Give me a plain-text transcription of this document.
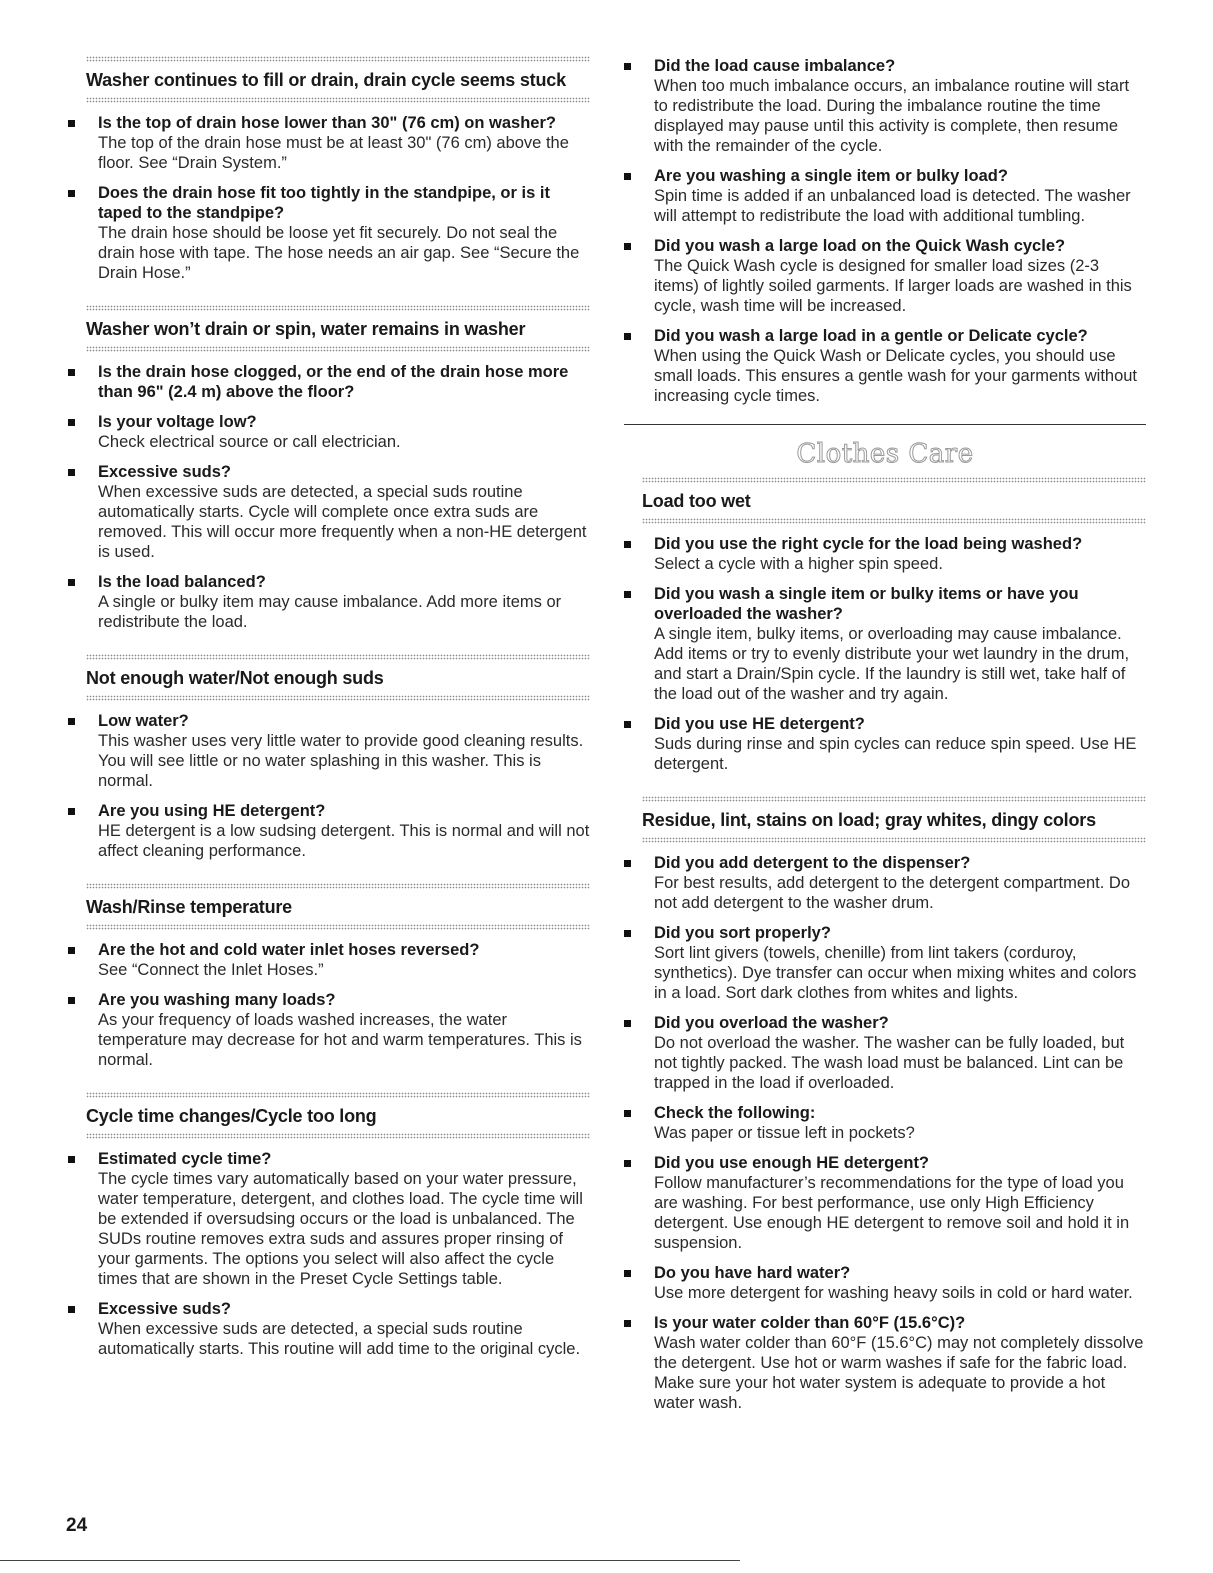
Washer continues to fill or drain, drain cycle seems stuck
Is the top of drain hose lower than 30" (76 cm) on washer?
The top of the drain hose must be at least 30" (76 cm) above the floor. See “Drain System.”
Does the drain hose fit too tightly in the standpipe, or is it taped to the standpipe?
The drain hose should be loose yet fit securely. Do not seal the drain hose with tape. The hose needs an air gap. See “Secure the Drain Hose.”
Washer won’t drain or spin, water remains in washer
Is the drain hose clogged, or the end of the drain hose more than 96" (2.4 m) above the floor?
Is your voltage low?
Check electrical source or call electrician.
Excessive suds?
When excessive suds are detected, a special suds routine automatically starts. Cycle will complete once extra suds are removed. This will occur more frequently when a non-HE detergent is used.
Is the load balanced?
A single or bulky item may cause imbalance. Add more items or redistribute the load.
Not enough water/Not enough suds
Low water?
This washer uses very little water to provide good cleaning results. You will see little or no water splashing in this washer. This is normal.
Are you using HE detergent?
HE detergent is a low sudsing detergent. This is normal and will not affect cleaning performance.
Wash/Rinse temperature
Are the hot and cold water inlet hoses reversed?
See “Connect the Inlet Hoses.”
Are you washing many loads?
As your frequency of loads washed increases, the water temperature may decrease for hot and warm temperatures. This is normal.
Cycle time changes/Cycle too long
Estimated cycle time?
The cycle times vary automatically based on your water pressure, water temperature, detergent, and clothes load. The cycle time will be extended if oversudsing occurs or the load is unbalanced. The SUDs routine removes extra suds and assures proper rinsing of your garments. The options you select will also affect the cycle times that are shown in the Preset Cycle Settings table.
Excessive suds?
When excessive suds are detected, a special suds routine automatically starts. This routine will add time to the original cycle.
Did the load cause imbalance?
When too much imbalance occurs, an imbalance routine will start to redistribute the load. During the imbalance routine the time displayed may pause until this activity is complete, then resume with the remainder of the cycle.
Are you washing a single item or bulky load?
Spin time is added if an unbalanced load is detected. The washer will attempt to redistribute the load with additional tumbling.
Did you wash a large load on the Quick Wash cycle?
The Quick Wash cycle is designed for smaller load sizes (2-3 items) of lightly soiled garments. If larger loads are washed in this cycle, wash time will be increased.
Did you wash a large load in a gentle or Delicate cycle?
When using the Quick Wash or Delicate cycles, you should use small loads. This ensures a gentle wash for your garments without increasing cycle times.
Clothes Care
Load too wet
Did you use the right cycle for the load being washed?
Select a cycle with a higher spin speed.
Did you wash a single item or bulky items or have you overloaded the washer?
A single item, bulky items, or overloading may cause imbalance. Add items or try to evenly distribute your wet laundry in the drum, and start a Drain/Spin cycle. If the laundry is still wet, take half of the load out of the washer and try again.
Did you use HE detergent?
Suds during rinse and spin cycles can reduce spin speed. Use HE detergent.
Residue, lint, stains on load; gray whites, dingy colors
Did you add detergent to the dispenser?
For best results, add detergent to the detergent compartment. Do not add detergent to the washer drum.
Did you sort properly?
Sort lint givers (towels, chenille) from lint takers (corduroy, synthetics). Dye transfer can occur when mixing whites and colors in a load. Sort dark clothes from whites and lights.
Did you overload the washer?
Do not overload the washer. The washer can be fully loaded, but not tightly packed. The wash load must be balanced. Lint can be trapped in the load if overloaded.
Check the following:
Was paper or tissue left in pockets?
Did you use enough HE detergent?
Follow manufacturer’s recommendations for the type of load you are washing. For best performance, use only High Efficiency detergent. Use enough HE detergent to remove soil and hold it in suspension.
Do you have hard water?
Use more detergent for washing heavy soils in cold or hard water.
Is your water colder than 60°F (15.6°C)?
Wash water colder than 60°F (15.6°C) may not completely dissolve the detergent. Use hot or warm washes if safe for the fabric load. Make sure your hot water system is adequate to provide a hot water wash.
24
